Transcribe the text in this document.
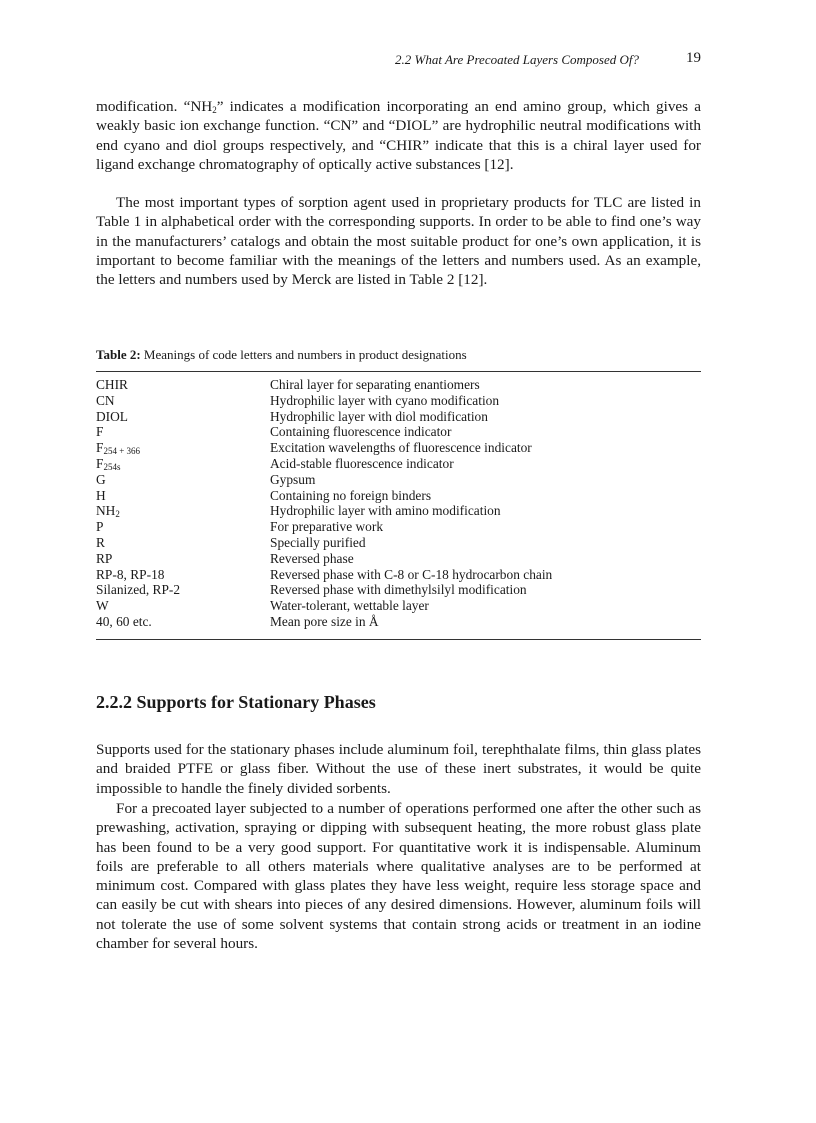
2.2 What Are Precoated Layers Composed Of?	19

modification. “$NH_2$” indicates a modification incorporating an end amino group, which gives a weakly basic ion exchange function. “CN” and “DIOL” are hydrophilic neutral modifications with end cyano and diol groups respectively, and “CHIR” indicate that this is a chiral layer used for ligand exchange chromatography of optically active substances [12].

The most important types of sorption agent used in proprietary products for TLC are listed in Table 1 in alphabetical order with the corresponding supports. In order to be able to find one’s way in the manufacturers’ catalogs and obtain the most suitable product for one’s own application, it is important to become familiar with the meanings of the letters and numbers used. As an example, the letters and numbers used by Merck are listed in Table 2 [12].

Table 2: Meanings of code letters and numbers in product designations
CHIR	Chiral layer for separating enantiomers
CN	Hydrophilic layer with cyano modification
DIOL	Hydrophilic layer with diol modification
F	Containing fluorescence indicator
$F_{254 + 366}$	Excitation wavelengths of fluorescence indicator
$F_{254s}$	Acid-stable fluorescence indicator
G	Gypsum
H	Containing no foreign binders
$NH_2$	Hydrophilic layer with amino modification
P	For preparative work
R	Specially purified
RP	Reversed phase
RP-8, RP-18	Reversed phase with C-8 or C-18 hydrocarbon chain
Silanized, RP-2	Reversed phase with dimethylsilyl modification
W	Water-tolerant, wettable layer
40, 60 etc.	Mean pore size in Å
2.2.2 Supports for Stationary Phases

Supports used for the stationary phases include aluminum foil, terephthalate films, thin glass plates and braided PTFE or glass fiber. Without the use of these inert substrates, it would be quite impossible to handle the finely divided sorbents.

For a precoated layer subjected to a number of operations performed one after the other such as prewashing, activation, spraying or dipping with subsequent heating, the more robust glass plate has been found to be a very good support. For quantitative work it is indispensable. Aluminum foils are preferable to all others materials where qualitative analyses are to be performed at minimum cost. Compared with glass plates they have less weight, require less storage space and can easily be cut with shears into pieces of any desired dimensions. However, aluminum foils will not tolerate the use of some solvent systems that contain strong acids or treatment in an iodine chamber for several hours.
